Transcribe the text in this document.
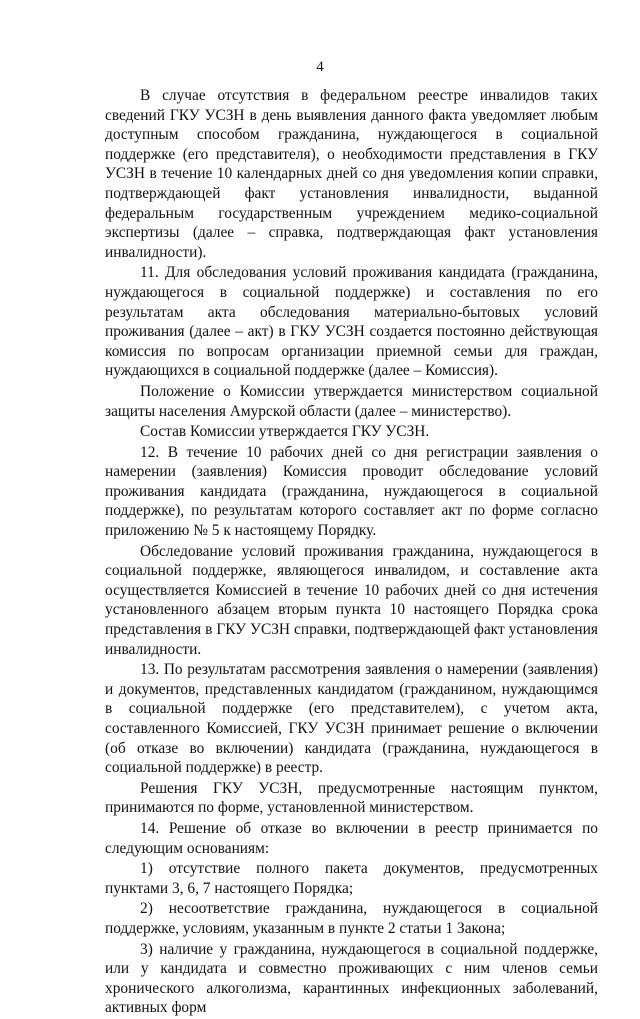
4

В случае отсутствия в федеральном реестре инвалидов таких сведений ГКУ УСЗН в день выявления данного факта уведомляет любым доступным способом гражданина, нуждающегося в социальной поддержке (его представителя), о необходимости представления в ГКУ УСЗН в течение 10 календарных дней со дня уведомления копии справки, подтверждающей факт установления инвалидности, выданной федеральным государственным учреждением медико-социальной экспертизы (далее – справка, подтверждающая факт установления инвалидности).

11. Для обследования условий проживания кандидата (гражданина, нуждающегося в социальной поддержке) и составления по его результатам акта обследования материально-бытовых условий проживания (далее – акт) в ГКУ УСЗН создается постоянно действующая комиссия по вопросам организации приемной семьи для граждан, нуждающихся в социальной поддержке (далее – Комиссия).

Положение о Комиссии утверждается министерством социальной защиты населения Амурской области (далее – министерство).

Состав Комиссии утверждается ГКУ УСЗН.

12. В течение 10 рабочих дней со дня регистрации заявления о намерении (заявления) Комиссия проводит обследование условий проживания кандидата (гражданина, нуждающегося в социальной поддержке), по результатам которого составляет акт по форме согласно приложению № 5 к настоящему Порядку.

Обследование условий проживания гражданина, нуждающегося в социальной поддержке, являющегося инвалидом, и составление акта осуществляется Комиссией в течение 10 рабочих дней со дня истечения установленного абзацем вторым пункта 10 настоящего Порядка срока представления в ГКУ УСЗН справки, подтверждающей факт установления инвалидности.

13. По результатам рассмотрения заявления о намерении (заявления) и документов, представленных кандидатом (гражданином, нуждающимся в социальной поддержке (его представителем), с учетом акта, составленного Комиссией, ГКУ УСЗН принимает решение о включении (об отказе во включении) кандидата (гражданина, нуждающегося в социальной поддержке) в реестр.

Решения ГКУ УСЗН, предусмотренные настоящим пунктом, принимаются по форме, установленной министерством.

14. Решение об отказе во включении в реестр принимается по следующим основаниям:

1) отсутствие полного пакета документов, предусмотренных пунктами 3, 6, 7 настоящего Порядка;

2) несоответствие гражданина, нуждающегося в социальной поддержке, условиям, указанным в пункте 2 статьи 1 Закона;

3) наличие у гражданина, нуждающегося в социальной поддержке, или у кандидата и совместно проживающих с ним членов семьи хронического алкоголизма, карантинных инфекционных заболеваний, активных форм
